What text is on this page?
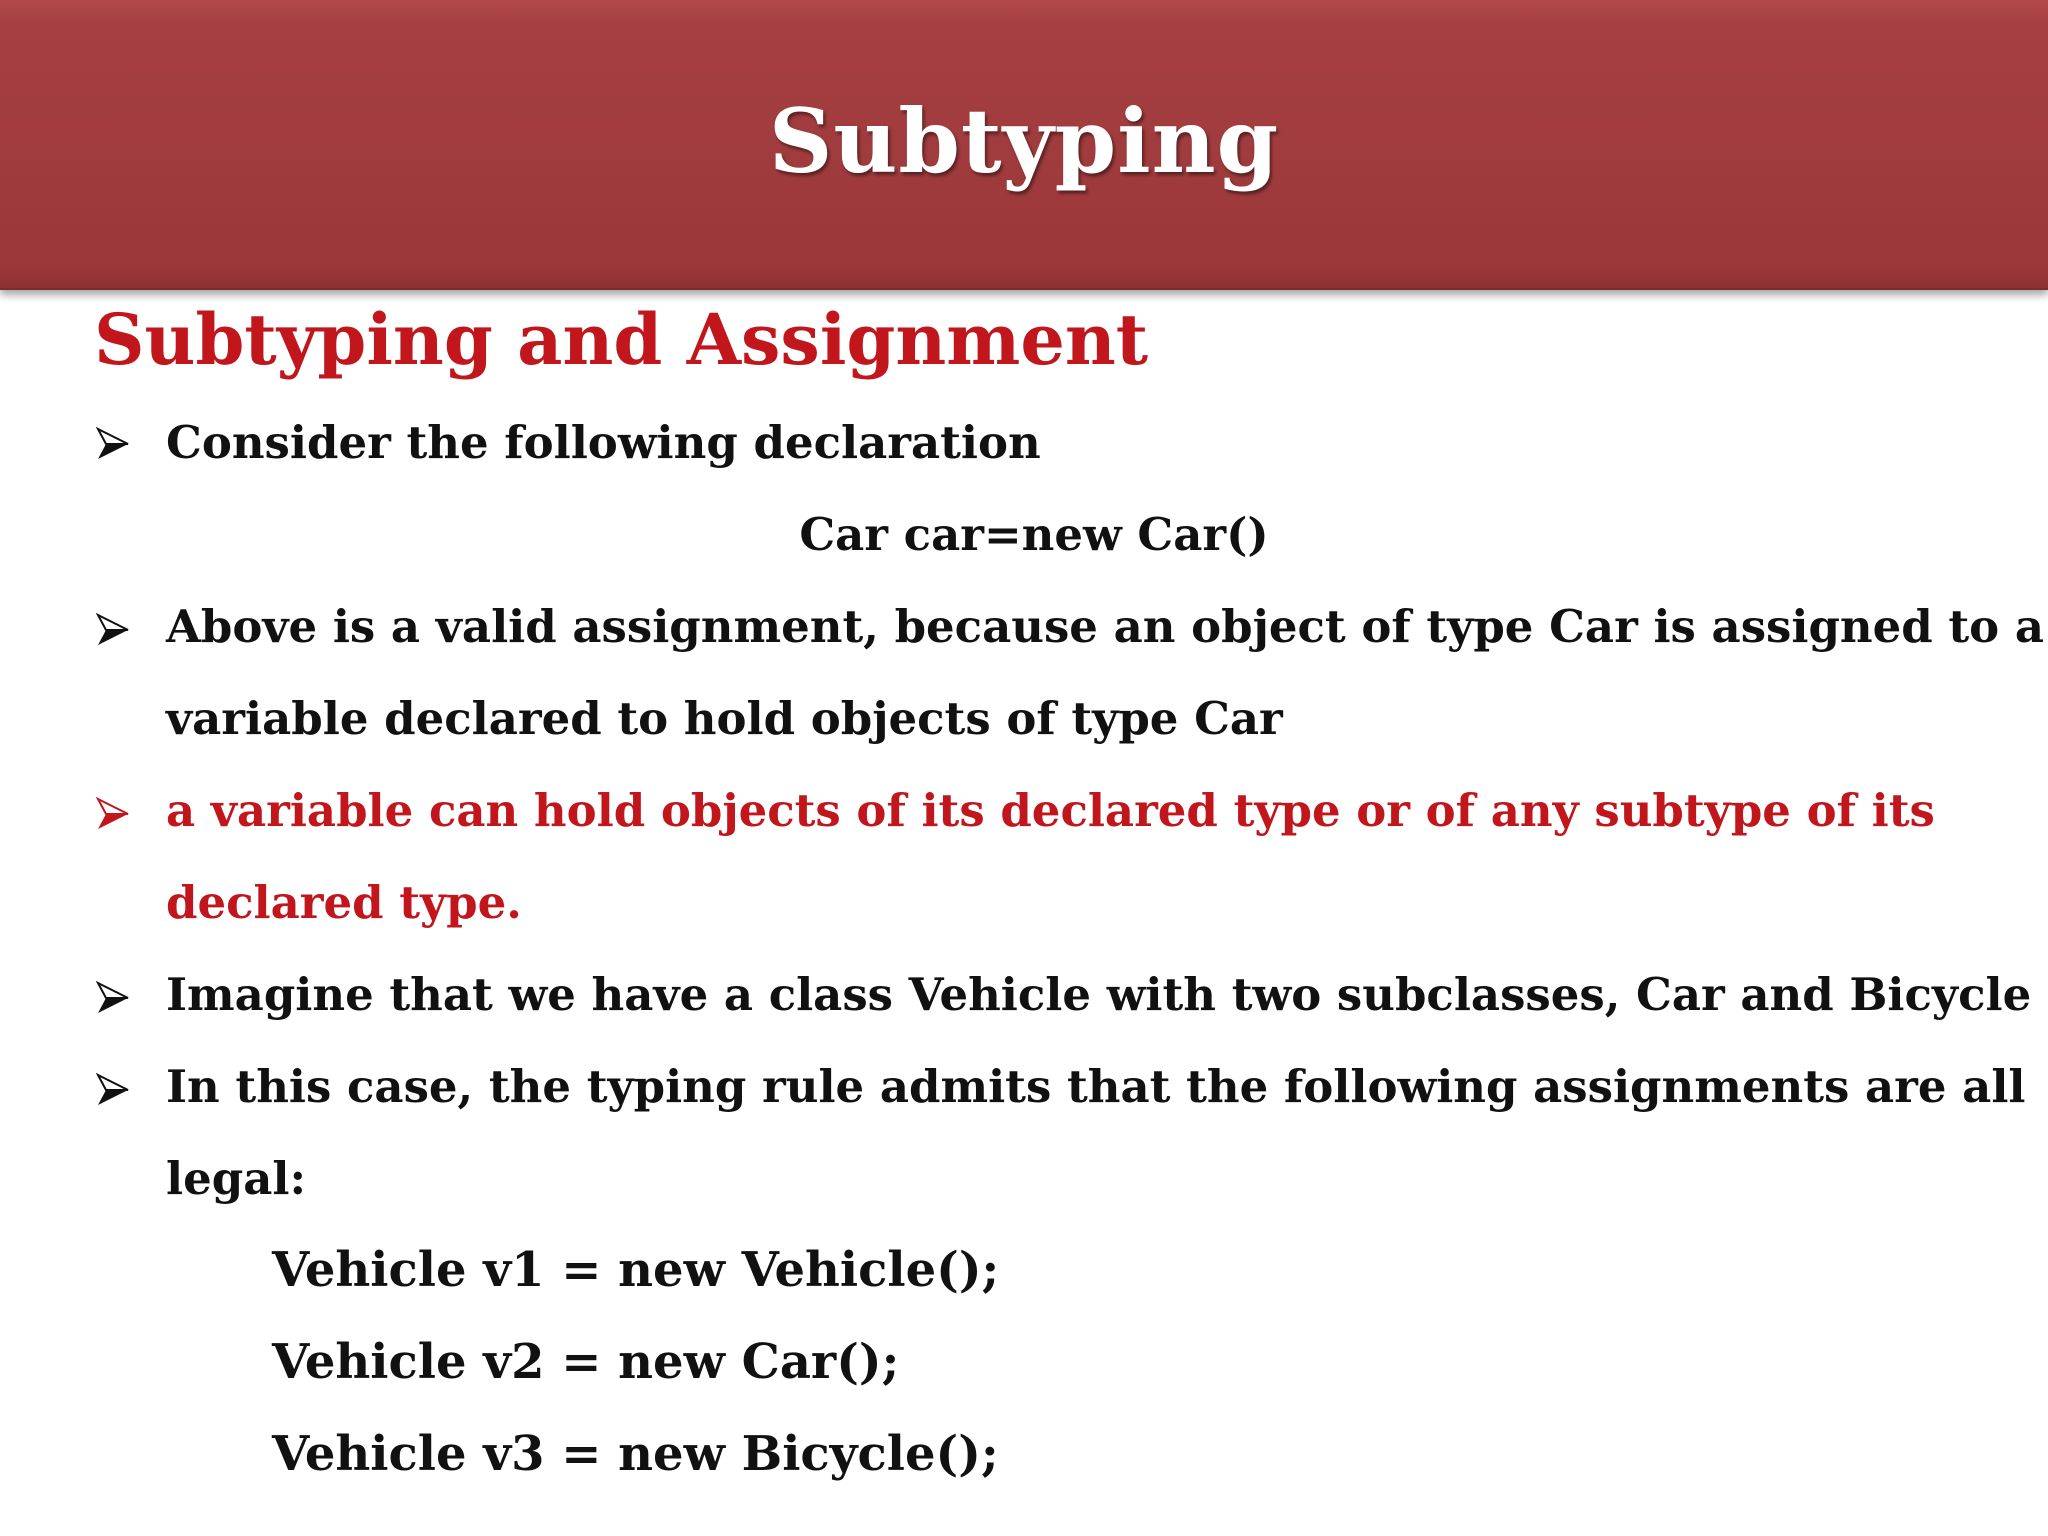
Subtyping
Subtyping and Assignment
Consider the following declaration
Car car=new Car()
Above is a valid assignment, because an object of type Car is assigned to a
variable declared to hold objects of type Car
a variable can hold objects of its declared type or of any subtype of its
declared type.
Imagine that we have a class Vehicle with two subclasses, Car and Bicycle
In this case, the typing rule admits that the following assignments are all
legal:
Vehicle v1 = new Vehicle();
Vehicle v2 = new Car();
Vehicle v3 = new Bicycle();
